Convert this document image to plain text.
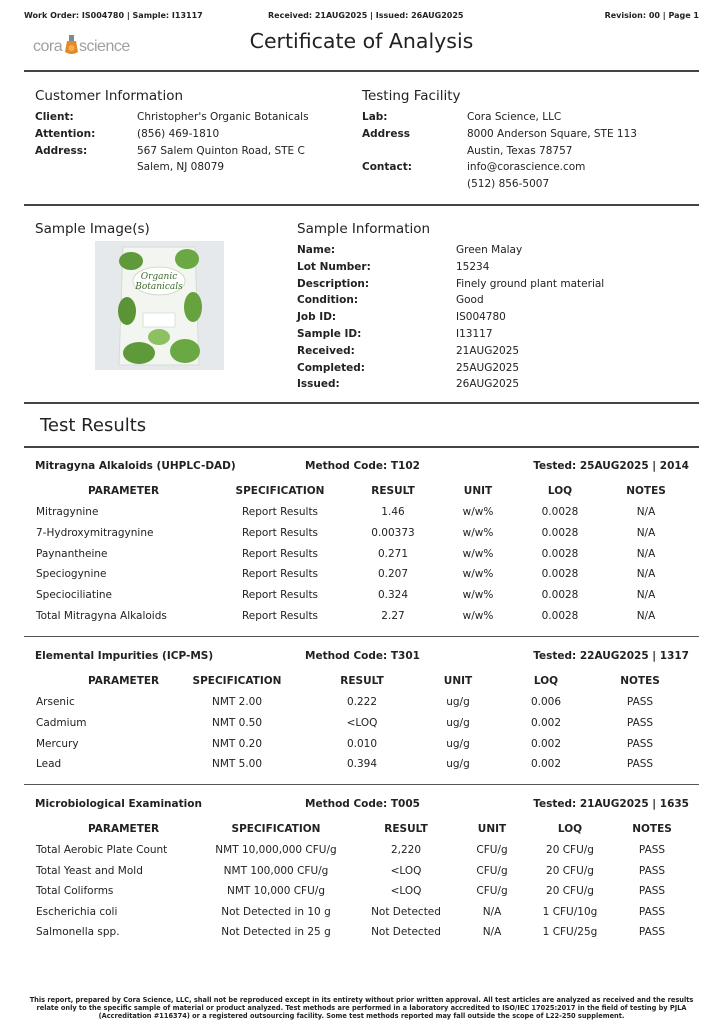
Work Order: IS004780 | Sample: I13117	Received: 21AUG2025 | Issued: 26AUG2025	Revision: 00 | Page 1
cora science	Certificate of Analysis
Customer Information
Client:	Christopher's Organic Botanicals
Attention:	(856) 469-1810
Address:	567 Salem Quinton Road, STE C
Salem, NJ 08079
Testing Facility
Lab:	Cora Science, LLC
Address	8000 Anderson Square, STE 113
Austin, Texas 78757
Contact:	info@corascience.com
(512) 856-5007
Sample Image(s)
Organic
Botanicals
Sample Information
Name:	Green Malay
Lot Number:	15234
Description:	Finely ground plant material
Condition:	Good
Job ID:	IS004780
Sample ID:	I13117
Received:	21AUG2025
Completed:	25AUG2025
Issued:	26AUG2025
Test Results
Mitragyna Alkaloids (UHPLC-DAD)	Method Code: T102	Tested: 25AUG2025 | 2014
PARAMETER	SPECIFICATION	RESULT	UNIT	LOQ	NOTES
Mitragynine	Report Results	1.46	w/w%	0.0028	N/A
7-Hydroxymitragynine	Report Results	0.00373	w/w%	0.0028	N/A
Paynantheine	Report Results	0.271	w/w%	0.0028	N/A
Speciogynine	Report Results	0.207	w/w%	0.0028	N/A
Speciociliatine	Report Results	0.324	w/w%	0.0028	N/A
Total Mitragyna Alkaloids	Report Results	2.27	w/w%	0.0028	N/A
Elemental Impurities (ICP-MS)	Method Code: T301	Tested: 22AUG2025 | 1317
PARAMETER	SPECIFICATION	RESULT	UNIT	LOQ	NOTES
Arsenic	NMT 2.00	0.222	ug/g	0.006	PASS
Cadmium	NMT 0.50	<LOQ	ug/g	0.002	PASS
Mercury	NMT 0.20	0.010	ug/g	0.002	PASS
Lead	NMT 5.00	0.394	ug/g	0.002	PASS
Microbiological Examination	Method Code: T005	Tested: 21AUG2025 | 1635
PARAMETER	SPECIFICATION	RESULT	UNIT	LOQ	NOTES
Total Aerobic Plate Count	NMT 10,000,000 CFU/g	2,220	CFU/g	20 CFU/g	PASS
Total Yeast and Mold	NMT 100,000 CFU/g	<LOQ	CFU/g	20 CFU/g	PASS
Total Coliforms	NMT 10,000 CFU/g	<LOQ	CFU/g	20 CFU/g	PASS
Escherichia coli	Not Detected in 10 g	Not Detected	N/A	1 CFU/10g	PASS
Salmonella spp.	Not Detected in 25 g	Not Detected	N/A	1 CFU/25g	PASS
This report, prepared by Cora Science, LLC, shall not be reproduced except in its entirety without prior written approval. All test articles are analyzed as received and the results relate only to the specific sample of material or product analyzed. Test methods are performed in a laboratory accredited to ISO/IEC 17025:2017 in the field of testing by PJLA (Accreditation #116374) or a registered outsourcing facility. Some test methods reported may fall outside the scope of L22-250 supplement.
